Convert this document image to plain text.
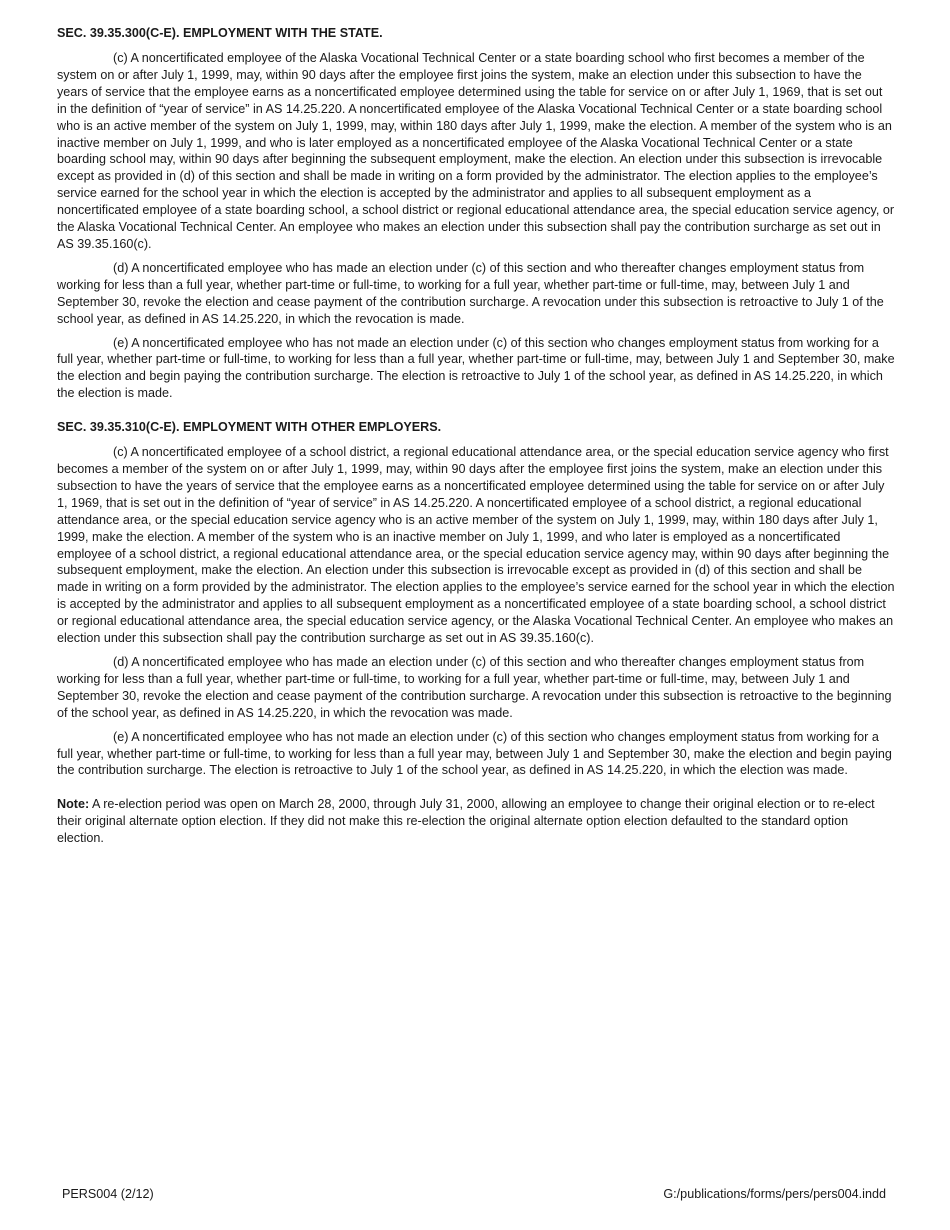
SEC. 39.35.300(C-E). EMPLOYMENT WITH THE STATE.

(c) A noncertificated employee of the Alaska Vocational Technical Center or a state boarding school who first becomes a member of the system on or after July 1, 1999, may, within 90 days after the employee first joins the system, make an election under this subsection to have the years of service that the employee earns as a noncertificated employee determined using the table for service on or after July 1, 1969, that is set out in the definition of “year of service” in AS 14.25.220. A noncertificated employee of the Alaska Vocational Technical Center or a state boarding school who is an active member of the system on July 1, 1999, may, within 180 days after July 1, 1999, make the election. A member of the system who is an inactive member on July 1, 1999, and who is later employed as a noncertificated employee of the Alaska Vocational Technical Center or a state boarding school may, within 90 days after beginning the subsequent employment, make the election. An election under this subsection is irrevocable except as provided in (d) of this section and shall be made in writing on a form provided by the administrator. The election applies to the employee’s service earned for the school year in which the election is accepted by the administrator and applies to all subsequent employment as a noncertificated employee of a state boarding school, a school district or regional educational attendance area, the special education service agency, or the Alaska Vocational Technical Center. An employee who makes an election under this subsection shall pay the contribution surcharge as set out in AS 39.35.160(c).

(d) A noncertificated employee who has made an election under (c) of this section and who thereafter changes employment status from working for less than a full year, whether part-time or full-time, to working for a full year, whether part-time or full-time, may, between July 1 and September 30, revoke the election and cease payment of the contribution surcharge. A revocation under this subsection is retroactive to July 1 of the school year, as defined in AS 14.25.220, in which the revocation is made.

(e) A noncertificated employee who has not made an election under (c) of this section who changes employment status from working for a full year, whether part-time or full-time, to working for less than a full year, whether part-time or full-time, may, between July 1 and September 30, make the election and begin paying the contribution surcharge. The election is retroactive to July 1 of the school year, as defined in AS 14.25.220, in which the election is made.

SEC. 39.35.310(C-E). EMPLOYMENT WITH OTHER EMPLOYERS.

(c) A noncertificated employee of a school district, a regional educational attendance area, or the special education service agency who first becomes a member of the system on or after July 1, 1999, may, within 90 days after the employee first joins the system, make an election under this subsection to have the years of service that the employee earns as a noncertificated employee determined using the table for service on or after July 1, 1969, that is set out in the definition of “year of service” in AS 14.25.220. A noncertificated employee of a school district, a regional educational attendance area, or the special education service agency who is an active member of the system on July 1, 1999, may, within 180 days after July 1, 1999, make the election. A member of the system who is an inactive member on July 1, 1999, and who later is employed as a noncertificated employee of a school district, a regional educational attendance area, or the special education service agency may, within 90 days after beginning the subsequent employment, make the election. An election under this subsection is irrevocable except as provided in (d) of this section and shall be made in writing on a form provided by the administrator. The election applies to the employee’s service earned for the school year in which the election is accepted by the administrator and applies to all subsequent employment as a noncertificated employee of a state boarding school, a school district or regional educational attendance area, the special education service agency, or the Alaska Vocational Technical Center. An employee who makes an election under this subsection shall pay the contribution surcharge as set out in AS 39.35.160(c).

(d) A noncertificated employee who has made an election under (c) of this section and who thereafter changes employment status from working for less than a full year, whether part-time or full-time, to working for a full year, whether part-time or full-time, may, between July 1 and September 30, revoke the election and cease payment of the contribution surcharge. A revocation under this subsection is retroactive to the beginning of the school year, as defined in AS 14.25.220, in which the revocation was made.

(e) A noncertificated employee who has not made an election under (c) of this section who changes employment status from working for a full year, whether part-time or full-time, to working for less than a full year may, between July 1 and September 30, make the election and begin paying the contribution surcharge. The election is retroactive to July 1 of the school year, as defined in AS 14.25.220, in which the election was made.

Note: A re-election period was open on March 28, 2000, through July 31, 2000, allowing an employee to change their original election or to re-elect their original alternate option election. If they did not make this re-election the original alternate option election defaulted to the standard option election.

PERS004 (2/12)	G:/publications/forms/pers/pers004.indd
